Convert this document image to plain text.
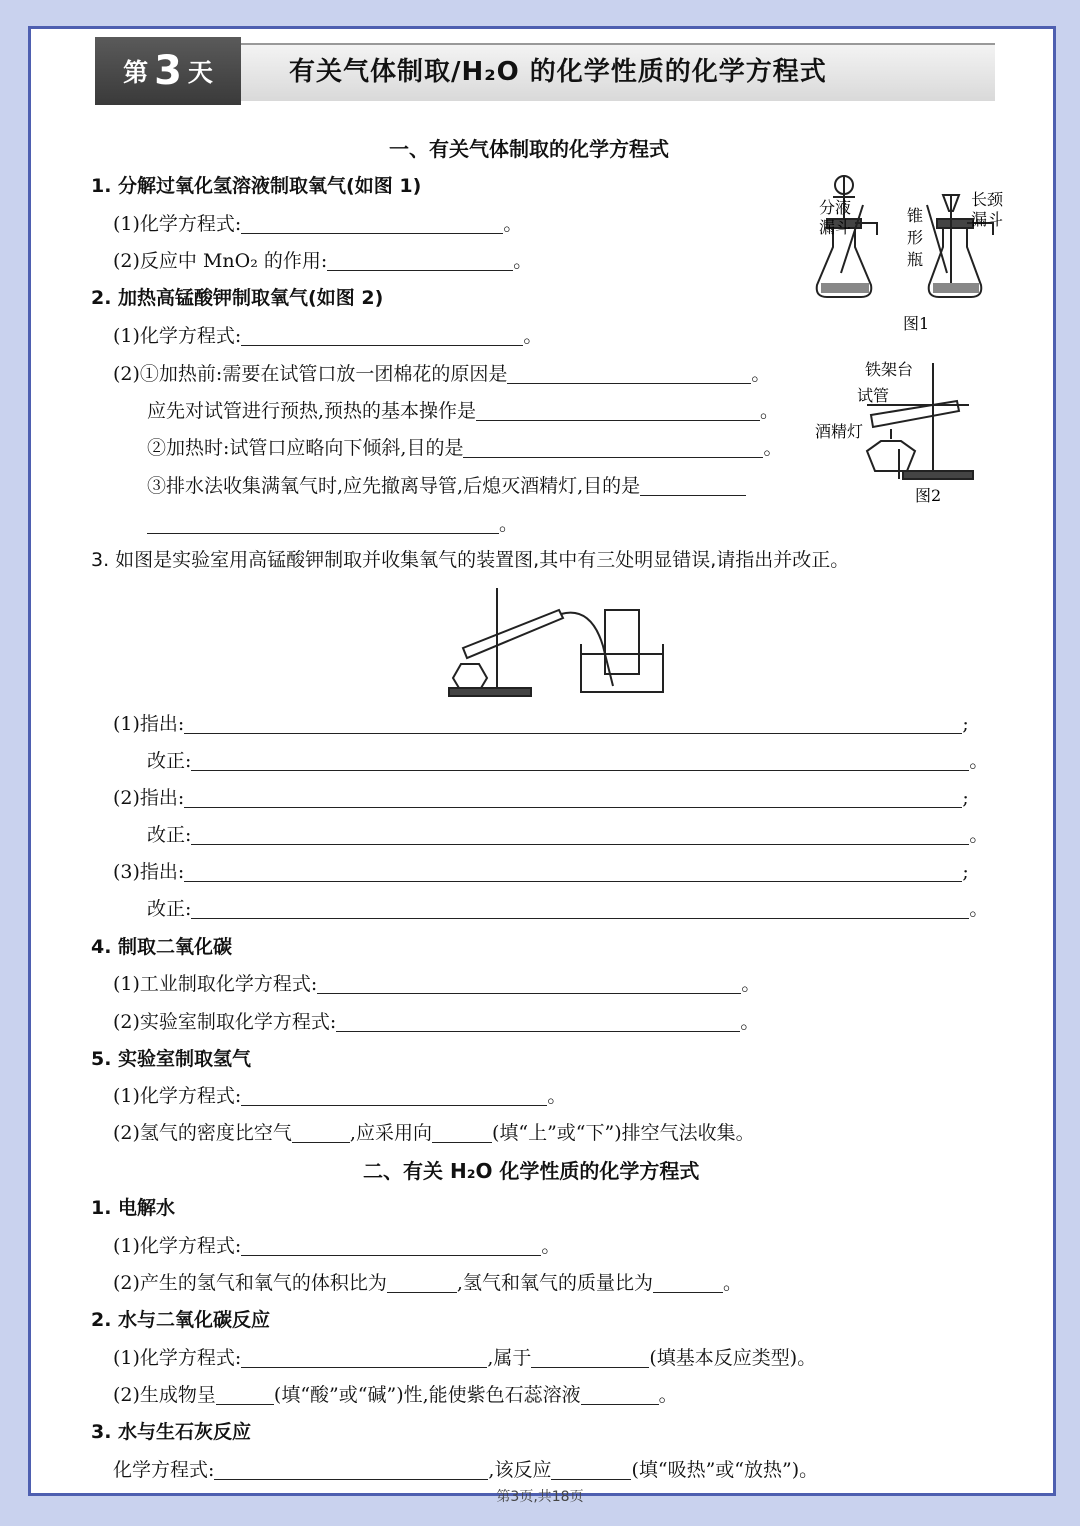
第 3 天	有关气体制取/H₂O 的化学性质的化学方程式
一、有关气体制取的化学方程式
1. 分解过氧化氢溶液制取氧气(如图 1)
(1)化学方程式:	。
(2)反应中 MnO₂ 的作用:	。
2. 加热高锰酸钾制取氧气(如图 2)
(1)化学方程式:	。
(2)①加热前:需要在试管口放一团棉花的原因是	。
应先对试管进行预热,预热的基本操作是	。
②加热时:试管口应略向下倾斜,目的是	。
③排水法收集满氧气时,应先撤离导管,后熄灭酒精灯,目的是
。
分液
漏斗
锥
形
瓶
长颈
漏斗
图1
铁架台
试管
酒精灯
图2
3. 如图是实验室用高锰酸钾制取并收集氧气的装置图,其中有三处明显错误,请指出并改正。
(1)指出:	;
改正:	。
(2)指出:	;
改正:	。
(3)指出:	;
改正:	。
4. 制取二氧化碳
(1)工业制取化学方程式:	。
(2)实验室制取化学方程式:	。
5. 实验室制取氢气
(1)化学方程式:	。
(2)氢气的密度比空气	,应采用向	(填“上”或“下”)排空气法收集。
二、有关 H₂O 化学性质的化学方程式
1. 电解水
(1)化学方程式:	。
(2)产生的氢气和氧气的体积比为	,氢气和氧气的质量比为	。
2. 水与二氧化碳反应
(1)化学方程式:	,属于	(填基本反应类型)。
(2)生成物呈	(填“酸”或“碱”)性,能使紫色石蕊溶液	。
3. 水与生石灰反应
化学方程式:	,该反应	(填“吸热”或“放热”)。
第3页,共18页
